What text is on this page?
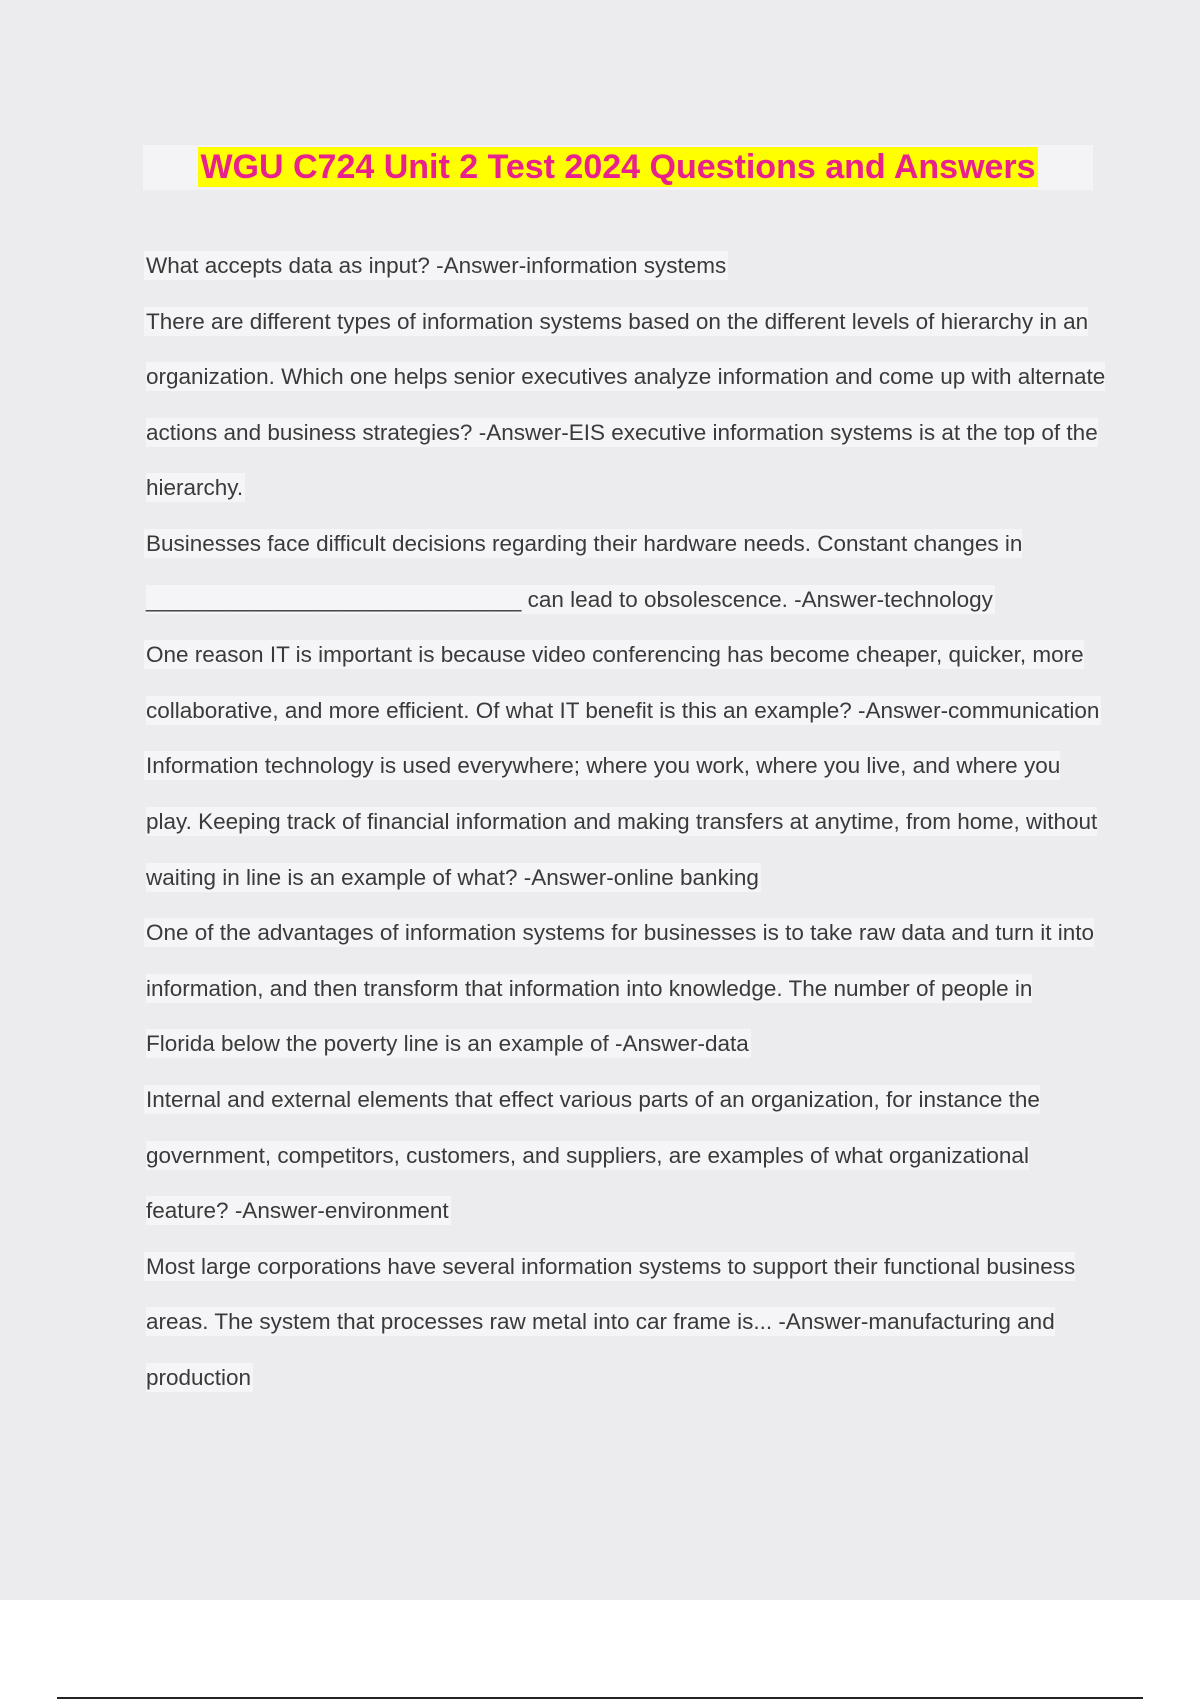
WGU C724 Unit 2 Test 2024 Questions and Answers

What accepts data as input? -Answer-information systems

There are different types of information systems based on the different levels of hierarchy in an organization. Which one helps senior executives analyze information and come up with alternate actions and business strategies? -Answer-EIS executive information systems is at the top of the hierarchy.

Businesses face difficult decisions regarding their hardware needs. Constant changes in ______________________________ can lead to obsolescence. -Answer-technology

One reason IT is important is because video conferencing has become cheaper, quicker, more collaborative, and more efficient. Of what IT benefit is this an example? -Answer-communication

Information technology is used everywhere; where you work, where you live, and where you play. Keeping track of financial information and making transfers at anytime, from home, without waiting in line is an example of what? -Answer-online banking

One of the advantages of information systems for businesses is to take raw data and turn it into information, and then transform that information into knowledge. The number of people in Florida below the poverty line is an example of -Answer-data

Internal and external elements that effect various parts of an organization, for instance the government, competitors, customers, and suppliers, are examples of what organizational feature? -Answer-environment

Most large corporations have several information systems to support their functional business areas. The system that processes raw metal into car frame is... -Answer-manufacturing and production
